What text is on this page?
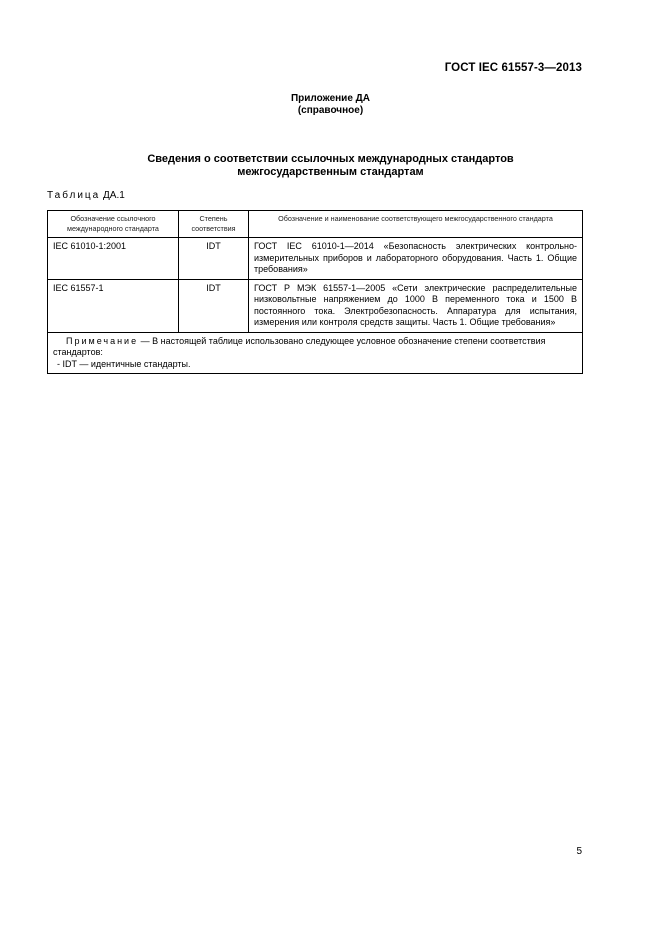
ГОСТ IEC 61557-3—2013
Приложение ДА
(справочное)
Сведения о соответствии ссылочных международных стандартов
межгосударственным стандартам
Таблица ДА.1
Обозначение ссылочного международного стандарта	Степень соответствия	Обозначение и наименование соответствующего межгосударственного стандарта
IEC 61010-1:2001	IDT	ГОСТ IEC 61010-1—2014 «Безопасность электрических контрольно-измерительных приборов и лабораторного оборудования. Часть 1. Общие требования»
IEC 61557-1	IDT	ГОСТ Р МЭК 61557-1—2005 «Сети электрические распределительные низковольтные напряжением до 1000 В переменного тока и 1500 В постоянного тока. Электробезопасность. Аппаратура для испытания, измерения или контроля средств защиты. Часть 1. Общие требования»

Примечание — В настоящей таблице использовано следующее условное обозначение степени соответствия стандартов:
- IDT — идентичные стандарты.		
5
